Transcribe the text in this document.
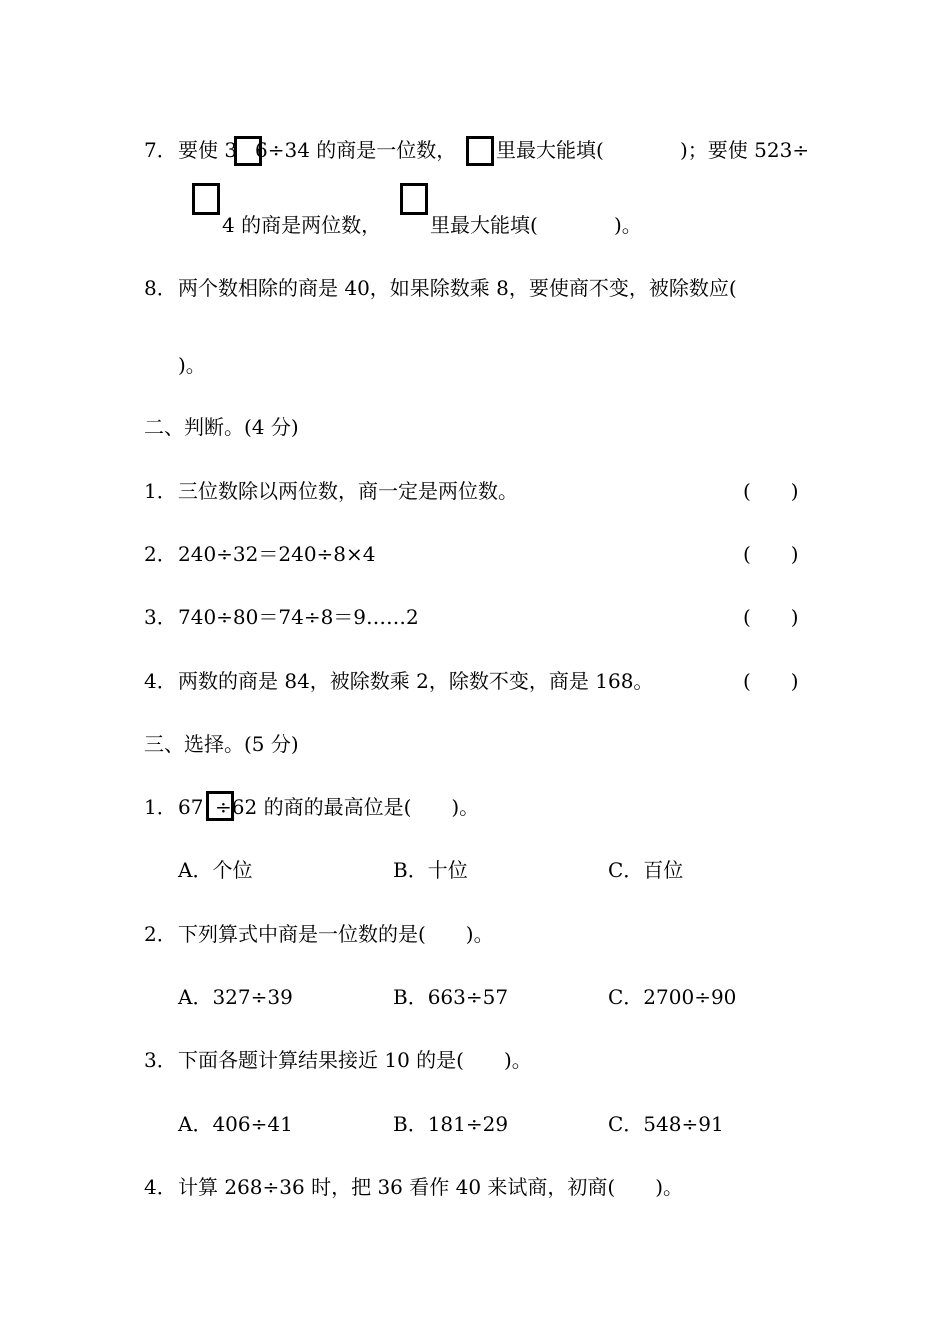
7． 要使 3 6÷34 的商是一位数， 里最大能填(	)；要使 523÷
4 的商是两位数， 里最大能填(	)。
8． 两个数相除的商是 40，如果除数乘 8，要使商不变，被除数应(
)。
二、判断。(4 分)
1． 三位数除以两位数，商一定是两位数。	(　　)
2． 240÷32＝240÷8×4	(　　)
3． 740÷80＝74÷8＝9……2	(　　)
4． 两数的商是 84，被除数乘 2，除数不变，商是 168。	(　　)
三、选择。(5 分)
1． 67 ÷62 的商的最高位是(　　)。
A．个位	B．十位	C．百位
2． 下列算式中商是一位数的是(　　)。
A．327÷39	B．663÷57	C．2700÷90
3． 下面各题计算结果接近 10 的是(　　)。
A．406÷41	B．181÷29	C．548÷91
4． 计算 268÷36 时，把 36 看作 40 来试商，初商(　　)。
